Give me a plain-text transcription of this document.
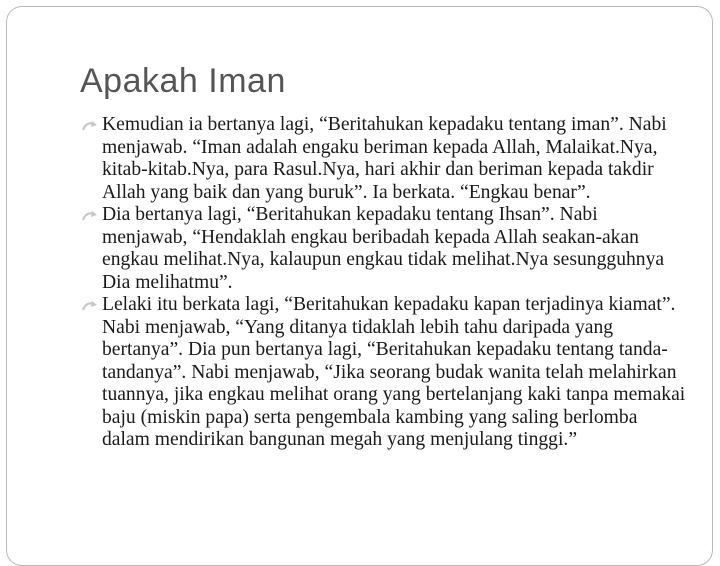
Apakah Iman
Kemudian ia bertanya lagi, “Beritahukan kepadaku tentang iman”. Nabi menjawab. “Iman adalah engaku beriman kepada Allah, Malaikat.Nya, kitab-kitab.Nya, para Rasul.Nya, hari akhir dan beriman kepada takdir Allah yang baik dan yang buruk”. Ia berkata. “Engkau benar”.
Dia bertanya lagi, “Beritahukan kepadaku tentang Ihsan”. Nabi menjawab, “Hendaklah engkau beribadah kepada Allah seakan-akan engkau melihat.Nya, kalaupun engkau tidak melihat.Nya sesungguhnya Dia melihatmu”.
Lelaki itu berkata lagi, “Beritahukan kepadaku kapan terjadinya kiamat”. Nabi menjawab, “Yang ditanya tidaklah lebih tahu daripada yang bertanya”. Dia pun bertanya lagi, “Beritahukan kepadaku tentang tanda-tandanya”. Nabi menjawab, “Jika seorang budak wanita telah melahirkan tuannya, jika engkau melihat orang yang bertelanjang kaki tanpa memakai baju (miskin papa) serta pengembala kambing yang saling berlomba dalam mendirikan bangunan megah yang menjulang tinggi.”
